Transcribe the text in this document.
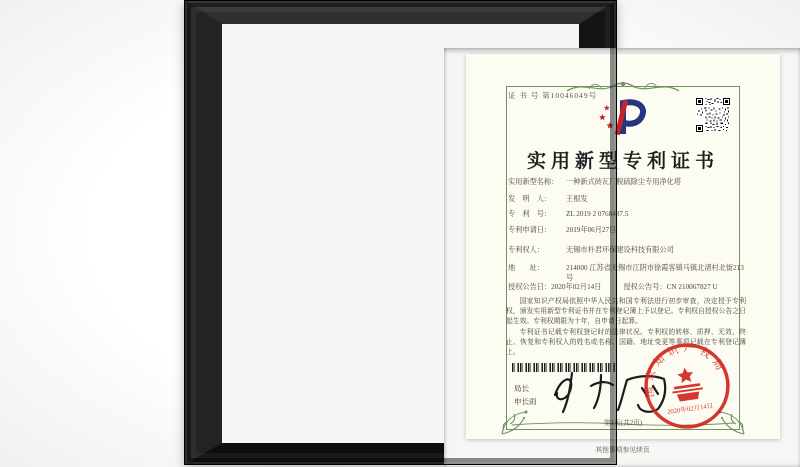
证 书 号 第10046049号
实用新型专利证书
实用新型名称：	一种新式砖瓦厂脱硫除尘专用净化塔
发　明　人：	王根发
专　利　号：	ZL 2019 2 0768437.5
专利申请日：	2019年06月27日
专利权人：	无锡市朴君环保建设科技有限公司
地　　址：	214000 江苏省无锡市江阴市徐霞客镇马镇北渚村北街213号
授权公告日： 2020年02月14日	授权公告号： CN 210067827 U

国家知识产权局依照中华人民共和国专利法进行初步审查，决定授予专利权，颁发实用新型专利证书并在专利登记簿上予以登记。专利权自授权公告之日起生效。专利权期限为十年，自申请日起算。

专利证书记载专利权登记时的法律状况。专利权的转移、质押、无效、终止、恢复和专利权人的姓名或名称、国籍、地址变更等事项记载在专利登记簿上。

局长
申长雨
国家知识产权局
2020年02月14日
第1页(共2页)
其他事项参见续页
